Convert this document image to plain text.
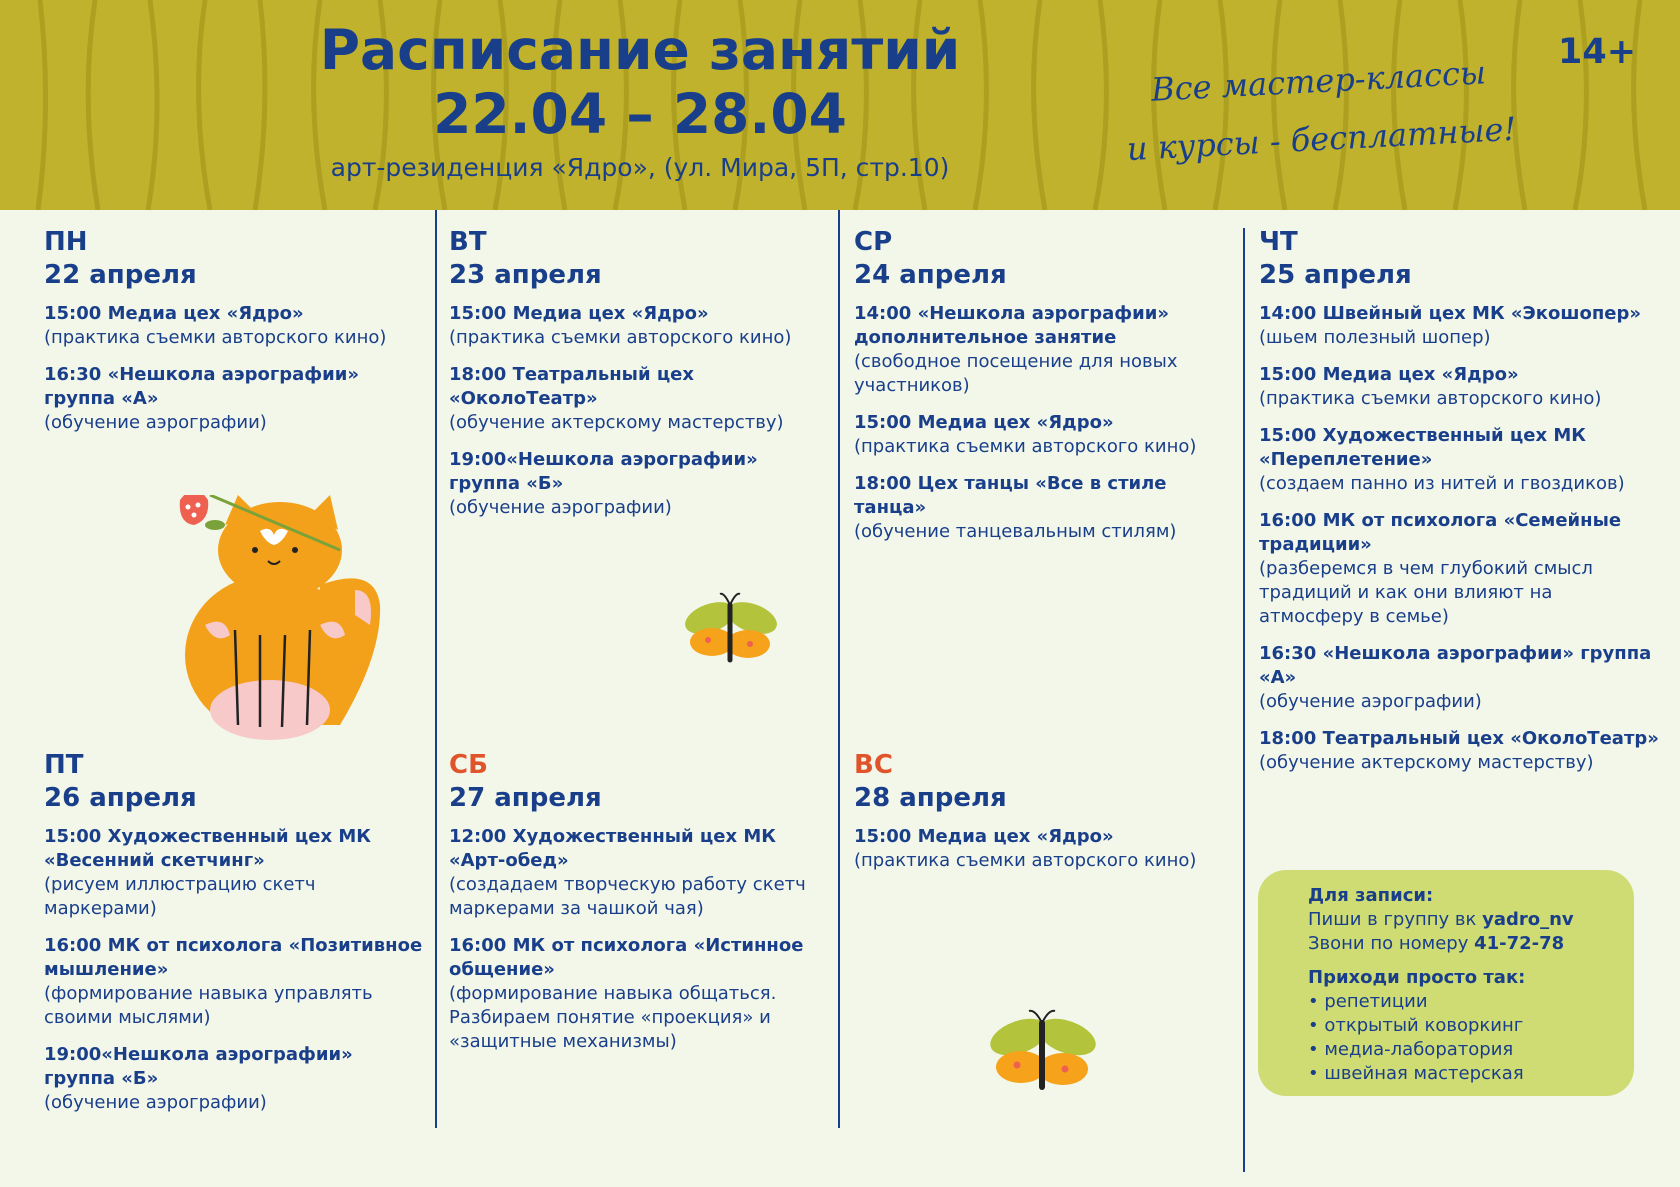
Расписание занятий
22.04 – 28.04
арт-резиденция «Ядро», (ул. Мира, 5П, стр.10)
Все мастер-классы
и курсы - бесплатные!
14+
ПН
22 апреля
15:00 Медиа цех «Ядро»
(практика съемки авторского кино)
16:30 «Нешкола аэрографии» группа «А»
(обучение аэрографии)
ВТ
23 апреля
15:00 Медиа цех «Ядро»
(практика съемки авторского кино)
18:00 Театральный цех «ОколоТеатр»
(обучение актерскому мастерству)
19:00«Нешкола аэрографии» группа «Б»
(обучение аэрографии)
СР
24 апреля
14:00 «Нешкола аэрографии» дополнительное занятие
(свободное посещение для новых участников)
15:00 Медиа цех «Ядро»
(практика съемки авторского кино)
18:00 Цех танцы «Все в стиле танца»
(обучение танцевальным стилям)
ЧТ
25 апреля
14:00 Швейный цех МК «Экошопер»
(шьем полезный шопер)
15:00 Медиа цех «Ядро»
(практика съемки авторского кино)
15:00 Художественный цех МК «Переплетение»
(создаем панно из нитей и гвоздиков)
16:00 МК от психолога «Семейные традиции»
(разберемся в чем глубокий смысл традиций и как они влияют на атмосферу в семье)
16:30 «Нешкола аэрографии» группа «А»
(обучение аэрографии)
18:00 Театральный цех «ОколоТеатр»
(обучение актерскому мастерству)
ПТ
26 апреля
15:00 Художественный цех МК «Весенний скетчинг»
(рисуем иллюстрацию скетч маркерами)
16:00 МК от психолога «Позитивное мышление»
(формирование навыка управлять своими мыслями)
19:00«Нешкола аэрографии» группа «Б»
(обучение аэрографии)
СБ
27 апреля
12:00 Художественный цех МК «Арт-обед»
(создадаем творческую работу скетч маркерами за чашкой чая)
16:00 МК от психолога «Истинное общение»
(формирование навыка общаться. Разбираем понятие «проекция» и «защитные механизмы)
ВС
28 апреля
15:00 Медиа цех «Ядро»
(практика съемки авторского кино)
Для записи:
Пиши в группу вк yadro_nv
Звони по номеру 41-72-78
Приходи просто так:
• репетиции
• открытый коворкинг
• медиа-лаборатория
• швейная мастерская
